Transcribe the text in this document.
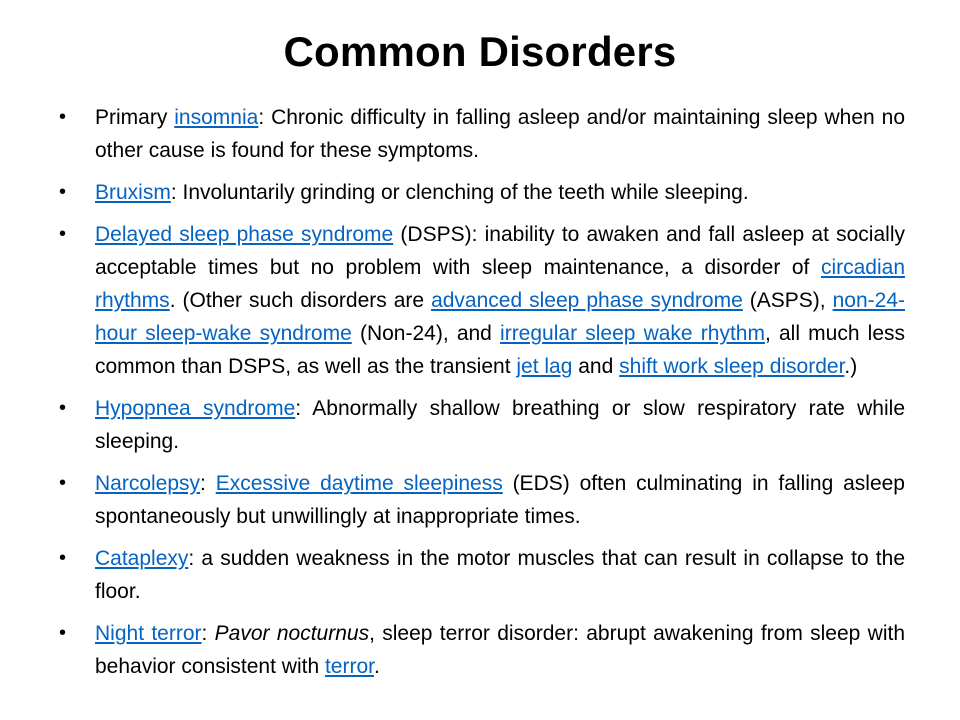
Common Disorders
• Primary insomnia: Chronic difficulty in falling asleep and/or maintaining sleep when no other cause is found for these symptoms.
• Bruxism: Involuntarily grinding or clenching of the teeth while sleeping.
• Delayed sleep phase syndrome (DSPS): inability to awaken and fall asleep at socially acceptable times but no problem with sleep maintenance, a disorder of circadian rhythms. (Other such disorders are advanced sleep phase syndrome (ASPS), non-24-hour sleep-wake syndrome (Non-24), and irregular sleep wake rhythm, all much less common than DSPS, as well as the transient jet lag and shift work sleep disorder.)
• Hypopnea syndrome: Abnormally shallow breathing or slow respiratory rate while sleeping.
• Narcolepsy: Excessive daytime sleepiness (EDS) often culminating in falling asleep spontaneously but unwillingly at inappropriate times.
• Cataplexy: a sudden weakness in the motor muscles that can result in collapse to the floor.
• Night terror: Pavor nocturnus, sleep terror disorder: abrupt awakening from sleep with behavior consistent with terror.
